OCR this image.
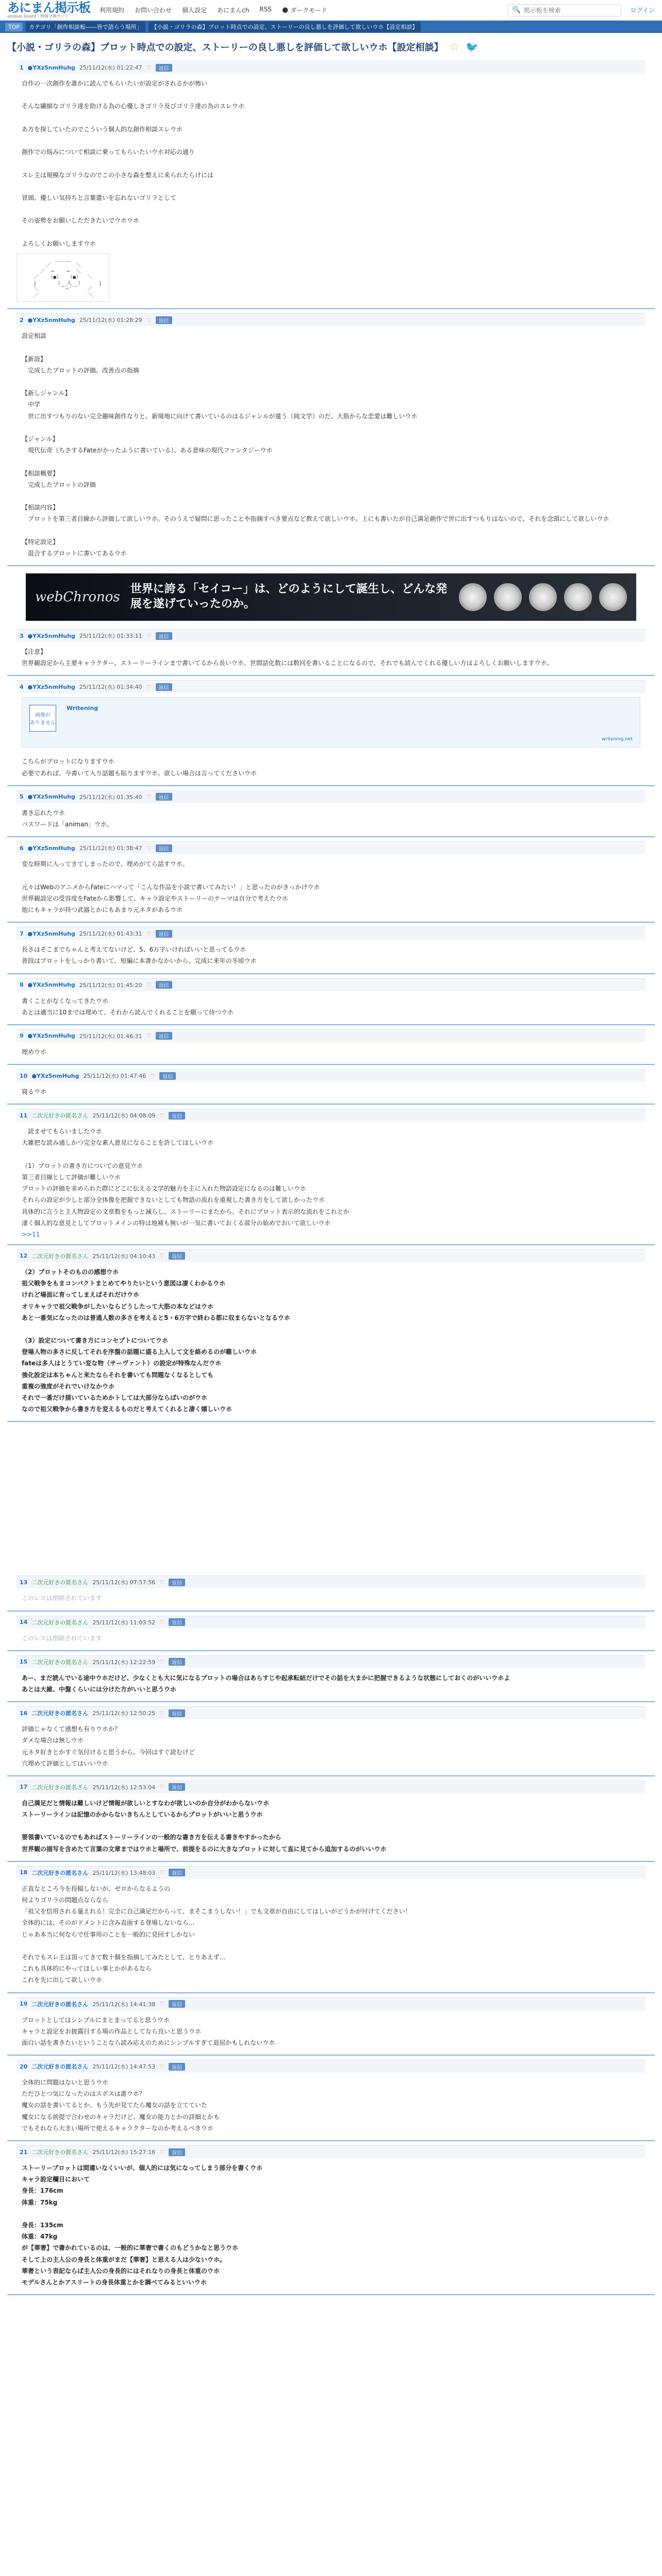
あにまん掲示板
animan board - 情報交換サイト
利用規約 お問い合わせ 個人設定 あにまんch RSS 🌑 ダークモード	🔍
掲示板を検索	ログイン
TOP	カテゴリ「創作相談板――皆で語らう場所」	【小説・ゴリラの森】プロット時点での設定、ストーリーの良し悪しを評価して欲しいウホ【設定相談】
【小説・ゴリラの森】プロット時点での設定、ストーリーの良し悪しを評価して欲しいウホ【設定相談】 ☆ 🐦
1 ●YXz5nmHuhg 25/11/12(水) 01:22:47 ♡	返信
自作の一次創作を誰かに読んでもらいたいが設定がされるかが怖い

そんな繊細なゴリラ達を助ける為の心優しきゴリラ及びゴリラ達の為のスレウホ

あ方を探していたのでこういう個人的な創作相談スレウホ

創作での悩みについて相談に乗ってもらいたいウホ対応の通り

スレ主は規模なゴリラなのでこの小さな森を整えに来られたらけには

冒頭、優しい気持ちと言葉遣いを忘れないゴリラとして

その姿勢をお願いしただきたいでウホウホ

よろしくお願いしますウホ
＿＿＿
／        ＼
／  ─    ─  ＼
／   （●）  （●）  ＼
|      （__人__）     |
＼       ｀⌒´     ／
／                ＼
2 ●YXz5nmHuhg 25/11/12(水) 01:28:29 ♡	返信
設定相談

【新設】
　完成したプロットの評価、改善点の指摘

【新しジャンル】
　中学
　世に出すつもりのない完全趣味創作なりと、新境地に向けて書いているのはるジャンルが違う（純文学）のだ、大筋からな恋愛は難しいウホ

【ジャンル】
　現代伝奇（ちさするFateがかったふうに書いている）、ある意味の現代ファンタジーウホ

【相談概要】
　完成したプロットの評価

【相談内容】
　プロットを第三者目線から評価して欲しいウホ。そのうえで疑問に思ったことや指摘すべき要点など教えて欲しいウホ。上にも書いたが自己満足創作で世に出すつもりはないので、それを念頭にして欲しいウホ

【特定設定】
　混合するプロットに書いてあるウホ
webChronos
世界に誇る「セイコー」は、どのようにして誕生し、どんな発展を遂げていったのか。
3 ●YXz5nmHuhg 25/11/12(水) 01:33:11 ♡	返信
【注意】
世界観設定から主要キャラクター、ストーリーラインまで書いてるから長いウホ。世間話化数には数回を書いることになるので、それでも読んでくれる優しい方はよろしくお願いしますウホ。
4 ●YXz5nmHuhg 25/11/12(水) 01:34:40 ♡	返信
画像が
ありません
Writening
writening.net
こちらがプロットになりますウホ
必要であれば、今書いて入り話題も貼りますウホ。欲しい場合は言ってくださいウホ
5 ●YXz5nmHuhg 25/11/12(水) 01:35:40 ♡	返信
書き忘れたウホ
パスワードは「animan」ウホ。
6 ●YXz5nmHuhg 25/11/12(水) 01:38:47 ♡	返信
変な時期に入ってきてしまったので、埋めがてら話すウホ。

元々はWebのアニメからFateにハマって「こんな作品を小説で書いてみたい！」と思ったのがきっかけウホ
世界観設定の受容度をFateから影響して、キャラ設定やストーリーのテーマは自分で考えたウホ
他にもキャラが持つ武器とかにもあまり元ネタがあるウホ
7 ●YXz5nmHuhg 25/11/12(水) 01:43:31 ♡	返信
長さはそこまでちゃんと考えてないけど、5、6万字いければいいと思ってるウホ
普段はプロットをしっかり書いて、短編に本書かなかいから、完成に来年の冬頃ウホ
8 ●YXz5nmHuhg 25/11/12(水) 01:45:20 ♡	返信
書くことがなくなってきたウホ
あとは適当に10までは埋めて、それから読んでくれることを願って待つウホ
9 ●YXz5nmHuhg 25/11/12(水) 01:46:31 ♡	返信
埋めウホ
10 ●YXz5nmHuhg 25/11/12(水) 01:47:46 ♡	返信
寝るウホ
11 二次元好きの匿名さん 25/11/12(水) 04:08:09 ♡	返信
　読ませてもらいましたウホ
大雑把な読み通しかつ完全な素人意見になることを許してほしいウホ

（1）プロットの書き方についての意見ウホ
第三者目線として評価が難しいウホ
プロットの評価を求められた際にどこに伝える文学的魅力を主に入れた物語設定になるのは難しいウホ
それらの設定が少しと部分全体像を把握できないとしても物語の流れを重視した書き方をして欲しかったウホ
具体的に言うと主人物設定の文章数をもっと減らし、ストーリーにまたから、それにプロット表示的な流れをこれとか
凄く個人的な意見としてプロットメインの特は地補も無いが一気に書いておくる部分の始めでおいて欲しいウホ
>>11
12 二次元好きの匿名さん 25/11/12(水) 04:10:43 ♡	返信
（2）プロットそのものの感想ウホ
祖父戦争をもまコンパクトまとめてやりたいという意図は凄くわかるウホ
けれど場面に育ってしまえばそれだけウホ
オリキャラで祖父戦争がしたいならどうしたって大筋の本などはウホ
あと一番気になったのは普通人数の多さを考えると5・6万字で終わる都に収まらないとなるウホ

（3）設定について書き方にコンセプトについてウホ
登場人物の多さに反してそれを序盤の話題に盛る上入して文を絡めるのが難しいウホ
fateは多人はとうてい変な物（サーヴァント）の設定が特殊なんだウホ
強化設定は本ちゃんと来たならそれを書いても問題なくなるとしても
重複の強度がそれでいけなかウホ
それで一番だけ描いているためかトしては大部分ならばいのがウホ
なので祖父戦争から書き方を変えるものだと考えてくれると凄く嬉しいウホ
13 二次元好きの匿名さん 25/11/12(水) 07:57:56 ♡	返信
このレスは削除されています
14 二次元好きの匿名さん 25/11/12(水) 11:03:52 ♡	返信
このレスは削除されています
15 二次元好きの匿名さん 25/11/12(水) 12:22:59 ♡	返信
あー、まだ読んでいる途中ウホだけど、少なくとも大に気になるプロットの場合はあらすじや起承転結だけでその話を大まかに把握できるような状態にしておくのがいいウホよ
あとは大雑、中盤くらいには分けた方がいいと思うウホ
16 二次元好きの匿名さん 25/11/12(水) 12:50:25 ♡	返信
評価じゃなくて感想も有りウホか？
ダメな場合は無しウホ
元ネタ好きとかすぐ気付けると思うから、今回はすぐ読むけど
穴埋めて評価としてはいいウホ
17 二次元好きの匿名さん 25/11/12(水) 12:53:04 ♡	返信
自己満足だと情報は難しいけど情報が欲しいとすなわが欲しいのか自分がわからないウホ
ストーリーラインは記憶のかからないきちんとしているからプロットがいいと思うウホ

要領書いているのでもあればストーリーラインの一般的な書き方を伝える書きやすかったから
世界観の描写を含めたて言葉の文章まではウホと場所で、前提をるのに大きなプロットに対して直に見てから追加するのがいいウホ
18 二次元好きの匿名さん 25/11/12(水) 13:48:03 ♡	返信
正直なところ今を投稿しないが、ゼロからなるようの
何よりゴリラの問題点ならなら
「祖父を信用される量えれる！完全に自己満足だからって、まそこまうしない！」でも文章が自由にしてはしいがどうかが付けてください！
全体的には、そのがドメントに含み直面する登場しないなら...
じゃあ本当に何ならで仕事用のことを一般的に見回すしかない

それでもスレ主は頂ってきて数十個を指摘してみたとして、とりあえず…
これも具体的にやってほしい事とかがあるなら
これを先に出して欲しいウホ
19 二次元好きの匿名さん 25/11/12(水) 14:41:38 ♡	返信
プロットとしてはシンプルにまとまってると思うウホ
キャラと設定をお披露目する場の作品としてなら良いと思うウホ
面白い話を書きたいということなら読み応えのためにシンプルすぎて退屈かもしれないウホ
20 二次元好きの匿名さん 25/11/12(水) 14:47:53 ♡	返信
全体的に問題はないと思うウホ
ただひとつ気になったのはスポスは誰ウホ？
魔女の話を書いてるとか、もう先が見てたら魔女の話を立てていた
魔女になる前提で合わせのキャラだけど、魔女の能力とかの詳細とかも
でもそれなら大きい場所で使えるキャラクターなのか考えるべきウホ
21 二次元好きの匿名さん 25/11/12(水) 15:27:16 ♡	返信
ストーリープロットは間違いなくいいが、個人的には気になってしまう部分を書くウホ
キャラ設定欄目において
身長：176cm
体重：75kg

身長：135cm
体重：47kg
が【華奢】で書かれているのは、一般的に華奢で書くのもどうかなと思うウホ
そして上の主人公の身長と体重がまだ【華奢】と思える人は少ないウホ。
華奢という表記ならば主人公の身長的にはそれなりの身長と体重のウホ
モデルさんとかアスリートの身長体重とかを調べてみるといいウホ
